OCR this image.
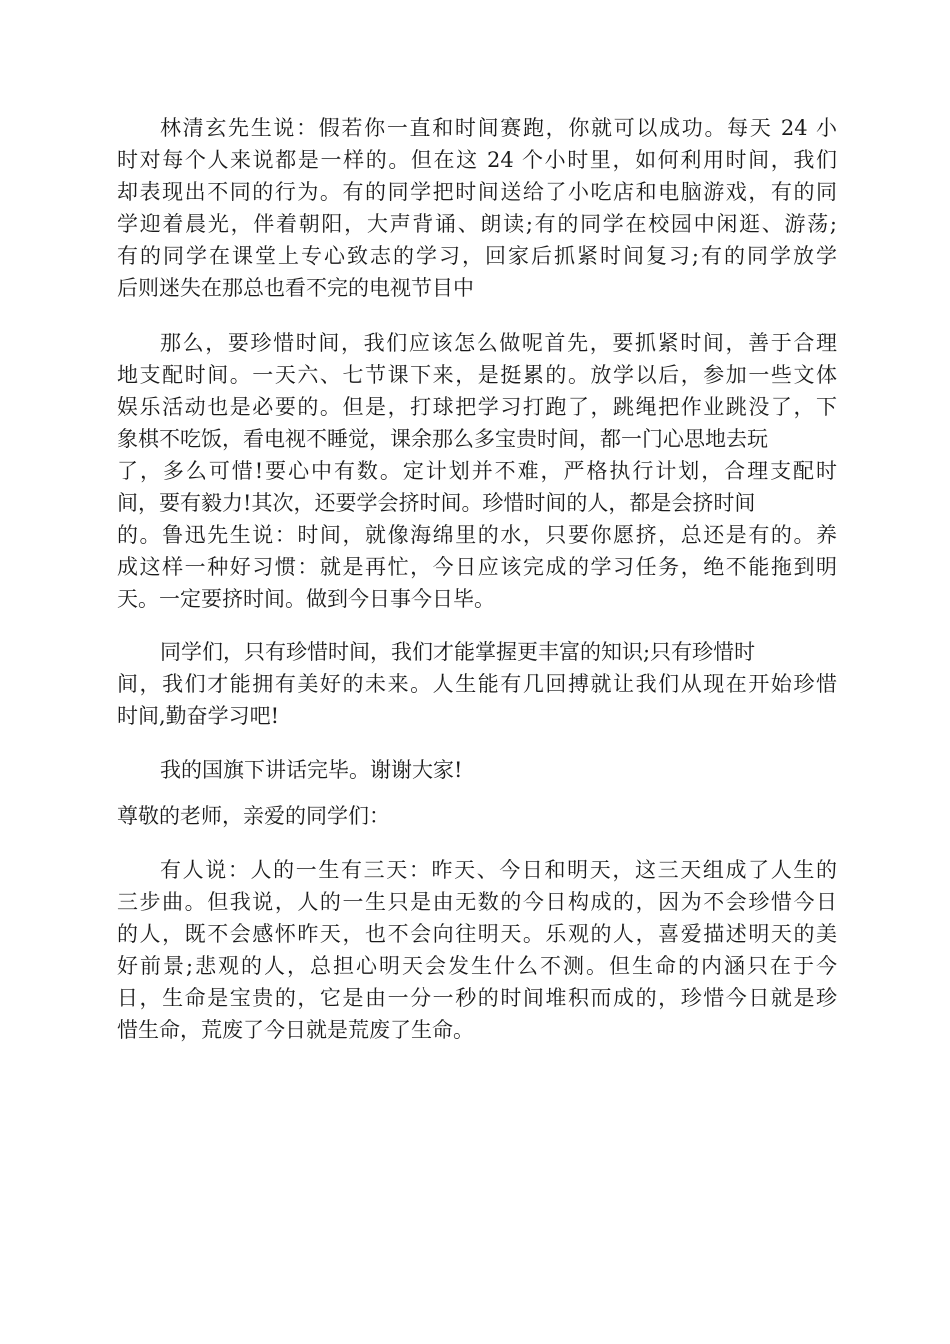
林清玄先生说：假若你一直和时间赛跑，你就可以成功。每天 24 小
时对每个人来说都是一样的。但在这 24 个小时里，如何利用时间，我们
却表现出不同的行为。有的同学把时间送给了小吃店和电脑游戏，有的同
学迎着晨光，伴着朝阳，大声背诵、朗读;有的同学在校园中闲逛、游荡;
有的同学在课堂上专心致志的学习，回家后抓紧时间复习;有的同学放学
后则迷失在那总也看不完的电视节目中
那么，要珍惜时间，我们应该怎么做呢首先，要抓紧时间，善于合理
地支配时间。一天六、七节课下来，是挺累的。放学以后，参加一些文体
娱乐活动也是必要的。但是，打球把学习打跑了，跳绳把作业跳没了，下
象棋不吃饭，看电视不睡觉，课余那么多宝贵时间，都一门心思地去玩
了，多么可惜!要心中有数。定计划并不难，严格执行计划，合理支配时
间，要有毅力!其次，还要学会挤时间。珍惜时间的人，都是会挤时间
的。鲁迅先生说：时间，就像海绵里的水，只要你愿挤，总还是有的。养
成这样一种好习惯：就是再忙，今日应该完成的学习任务，绝不能拖到明
天。一定要挤时间。做到今日事今日毕。
同学们，只有珍惜时间，我们才能掌握更丰富的知识;只有珍惜时
间，我们才能拥有美好的未来。人生能有几回搏就让我们从现在开始珍惜
时间,勤奋学习吧!
我的国旗下讲话完毕。谢谢大家!
尊敬的老师，亲爱的同学们：
有人说：人的一生有三天：昨天、今日和明天，这三天组成了人生的
三步曲。但我说，人的一生只是由无数的今日构成的，因为不会珍惜今日
的人，既不会感怀昨天，也不会向往明天。乐观的人，喜爱描述明天的美
好前景;悲观的人，总担心明天会发生什么不测。但生命的内涵只在于今
日，生命是宝贵的，它是由一分一秒的时间堆积而成的，珍惜今日就是珍
惜生命，荒废了今日就是荒废了生命。
